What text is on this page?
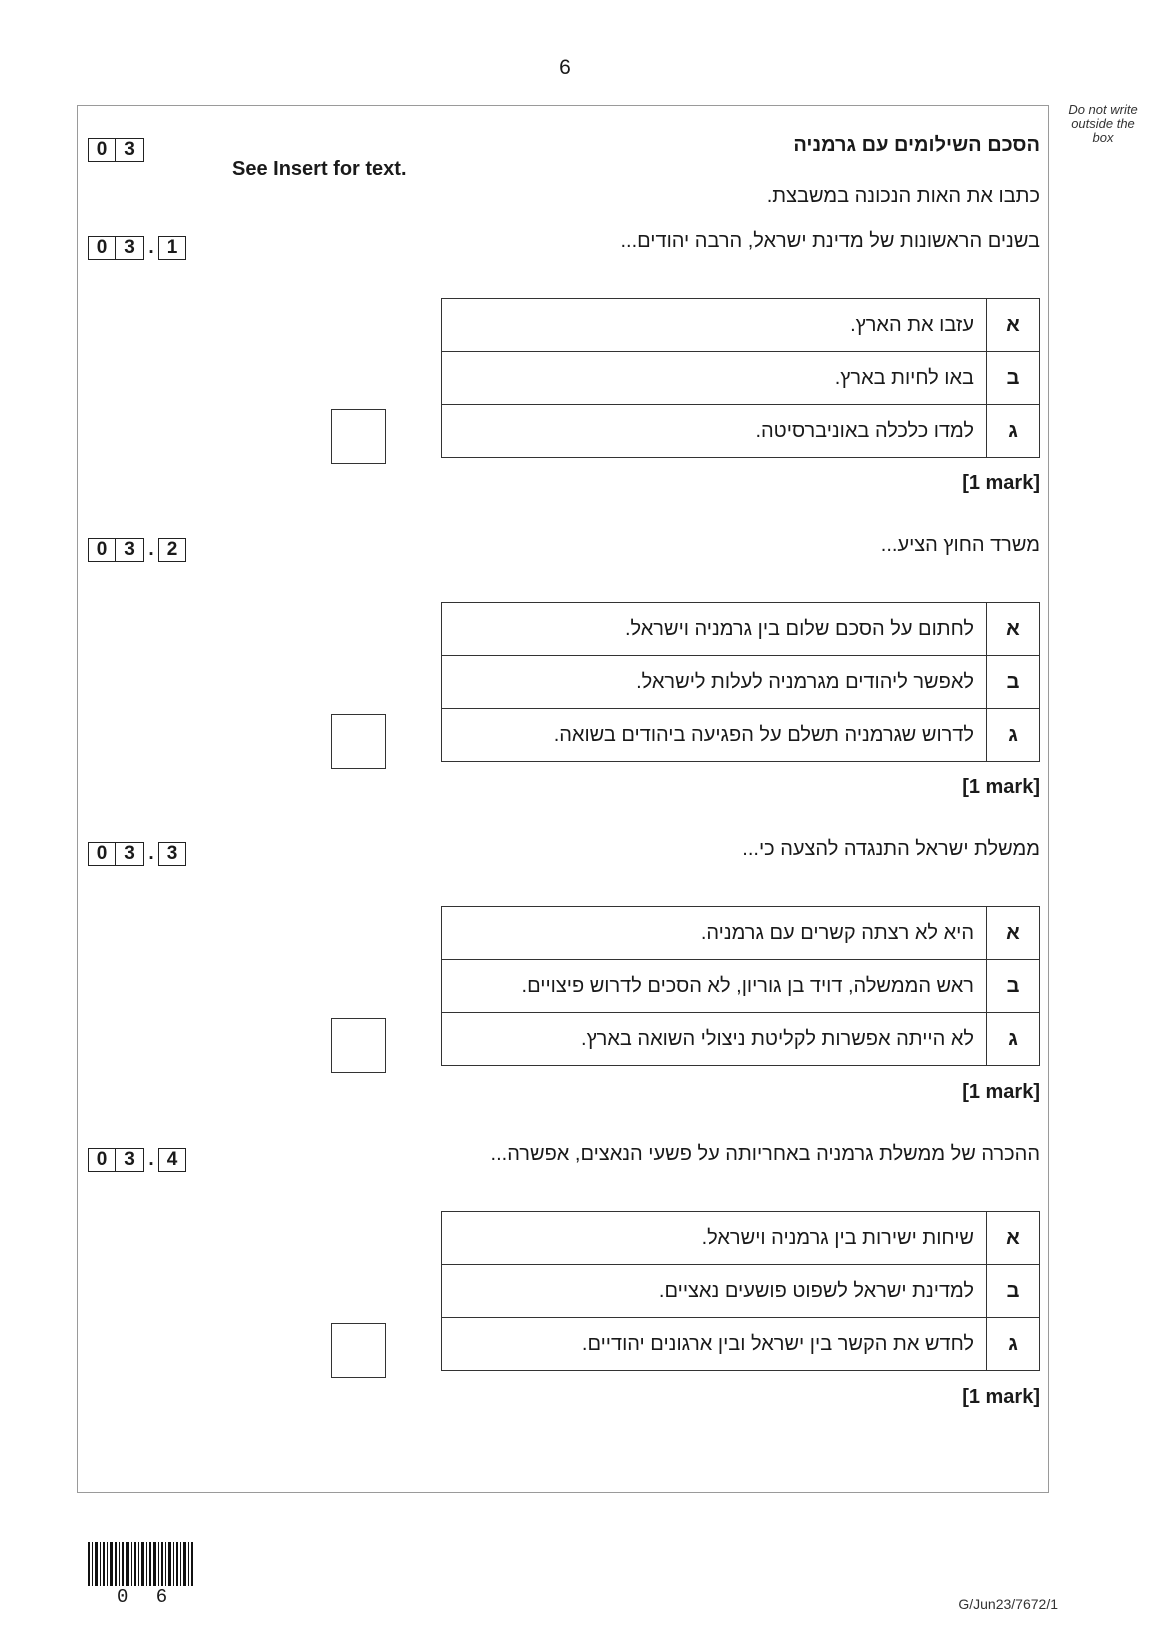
6
Do not write outside the box
0 3	הסכם השילומים עם גרמניה
See Insert for text.
כתבו את האות הנכונה במשבצת.
0 3 . 1	בשנים הראשונות של מדינת ישראל, הרבה יהודים...
א	עזבו את הארץ.
ב	באו לחיות בארץ.
ג	למדו כלכלה באוניברסיטה.
[1 mark]
0 3 . 2	משרד החוץ הציע...
א	לחתום על הסכם שלום בין גרמניה וישראל.
ב	לאפשר ליהודים מגרמניה לעלות לישראל.
ג	לדרוש שגרמניה תשלם על הפגיעה ביהודים בשואה.
[1 mark]
0 3 . 3	ממשלת ישראל התנגדה להצעה כי...
א	היא לא רצתה קשרים עם גרמניה.
ב	ראש הממשלה, דויד בן גוריון, לא הסכים לדרוש פיצויים.
ג	לא הייתה אפשרות לקליטת ניצולי השואה בארץ.
[1 mark]
0 3 . 4	ההכרה של ממשלת גרמניה באחריותה על פשעי הנאצים, אפשרה...
א	שיחות ישירות בין גרמניה וישראל.
ב	למדינת ישראל לשפוט פושעים נאציים.
ג	לחדש את הקשר בין ישראל ובין ארגונים יהודיים.
[1 mark]
0 6	G/Jun23/7672/1
